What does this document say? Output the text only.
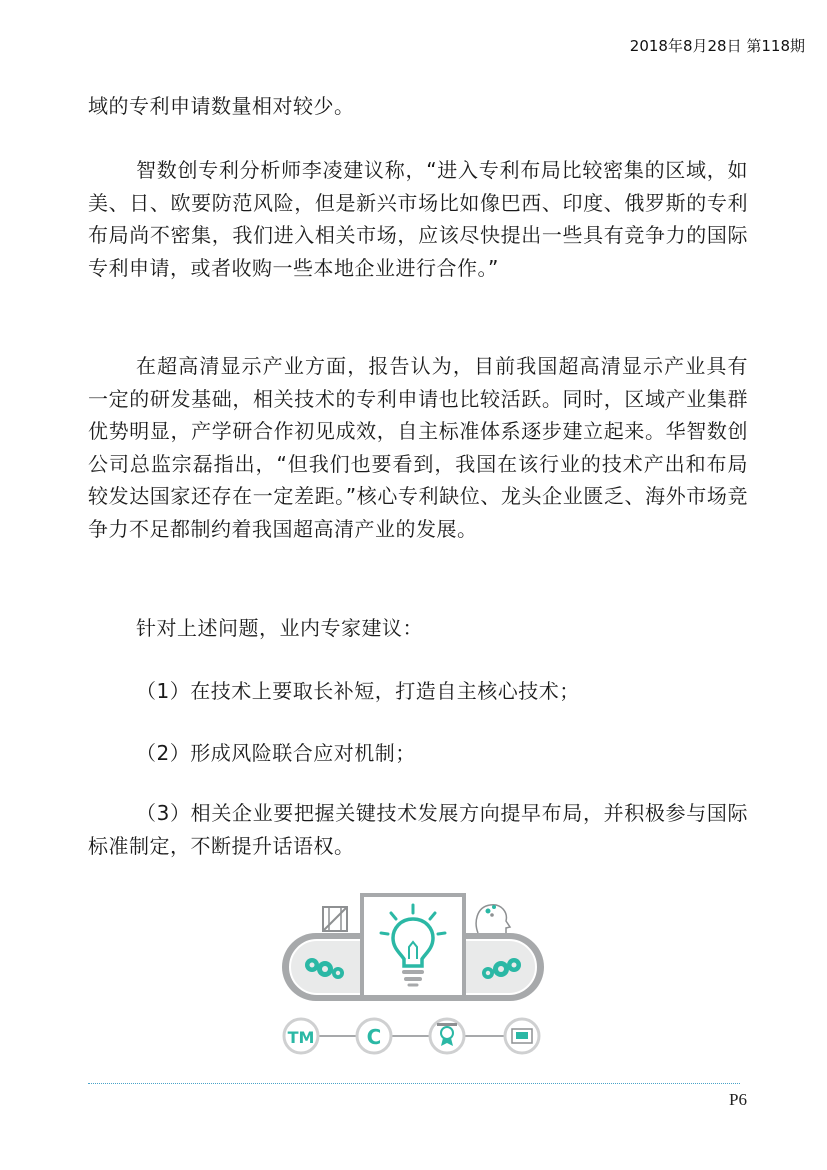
2018年8月28日 第118期

域的专利申请数量相对较少。

智数创专利分析师李凌建议称，“进入专利布局比较密集的区域，如美、日、欧要防范风险，但是新兴市场比如像巴西、印度、俄罗斯的专利布局尚不密集，我们进入相关市场，应该尽快提出一些具有竞争力的国际专利申请，或者收购一些本地企业进行合作。”

在超高清显示产业方面，报告认为，目前我国超高清显示产业具有一定的研发基础，相关技术的专利申请也比较活跃。同时，区域产业集群优势明显，产学研合作初见成效，自主标准体系逐步建立起来。华智数创公司总监宗磊指出，“但我们也要看到，我国在该行业的技术产出和布局较发达国家还存在一定差距。”核心专利缺位、龙头企业匮乏、海外市场竞争力不足都制约着我国超高清产业的发展。

针对上述问题，业内专家建议：

（1）在技术上要取长补短，打造自主核心技术；

（2）形成风险联合应对机制；

（3）相关企业要把握关键技术发展方向提早布局，并积极参与国际标准制定，不断提升话语权。

TM	C
P6
